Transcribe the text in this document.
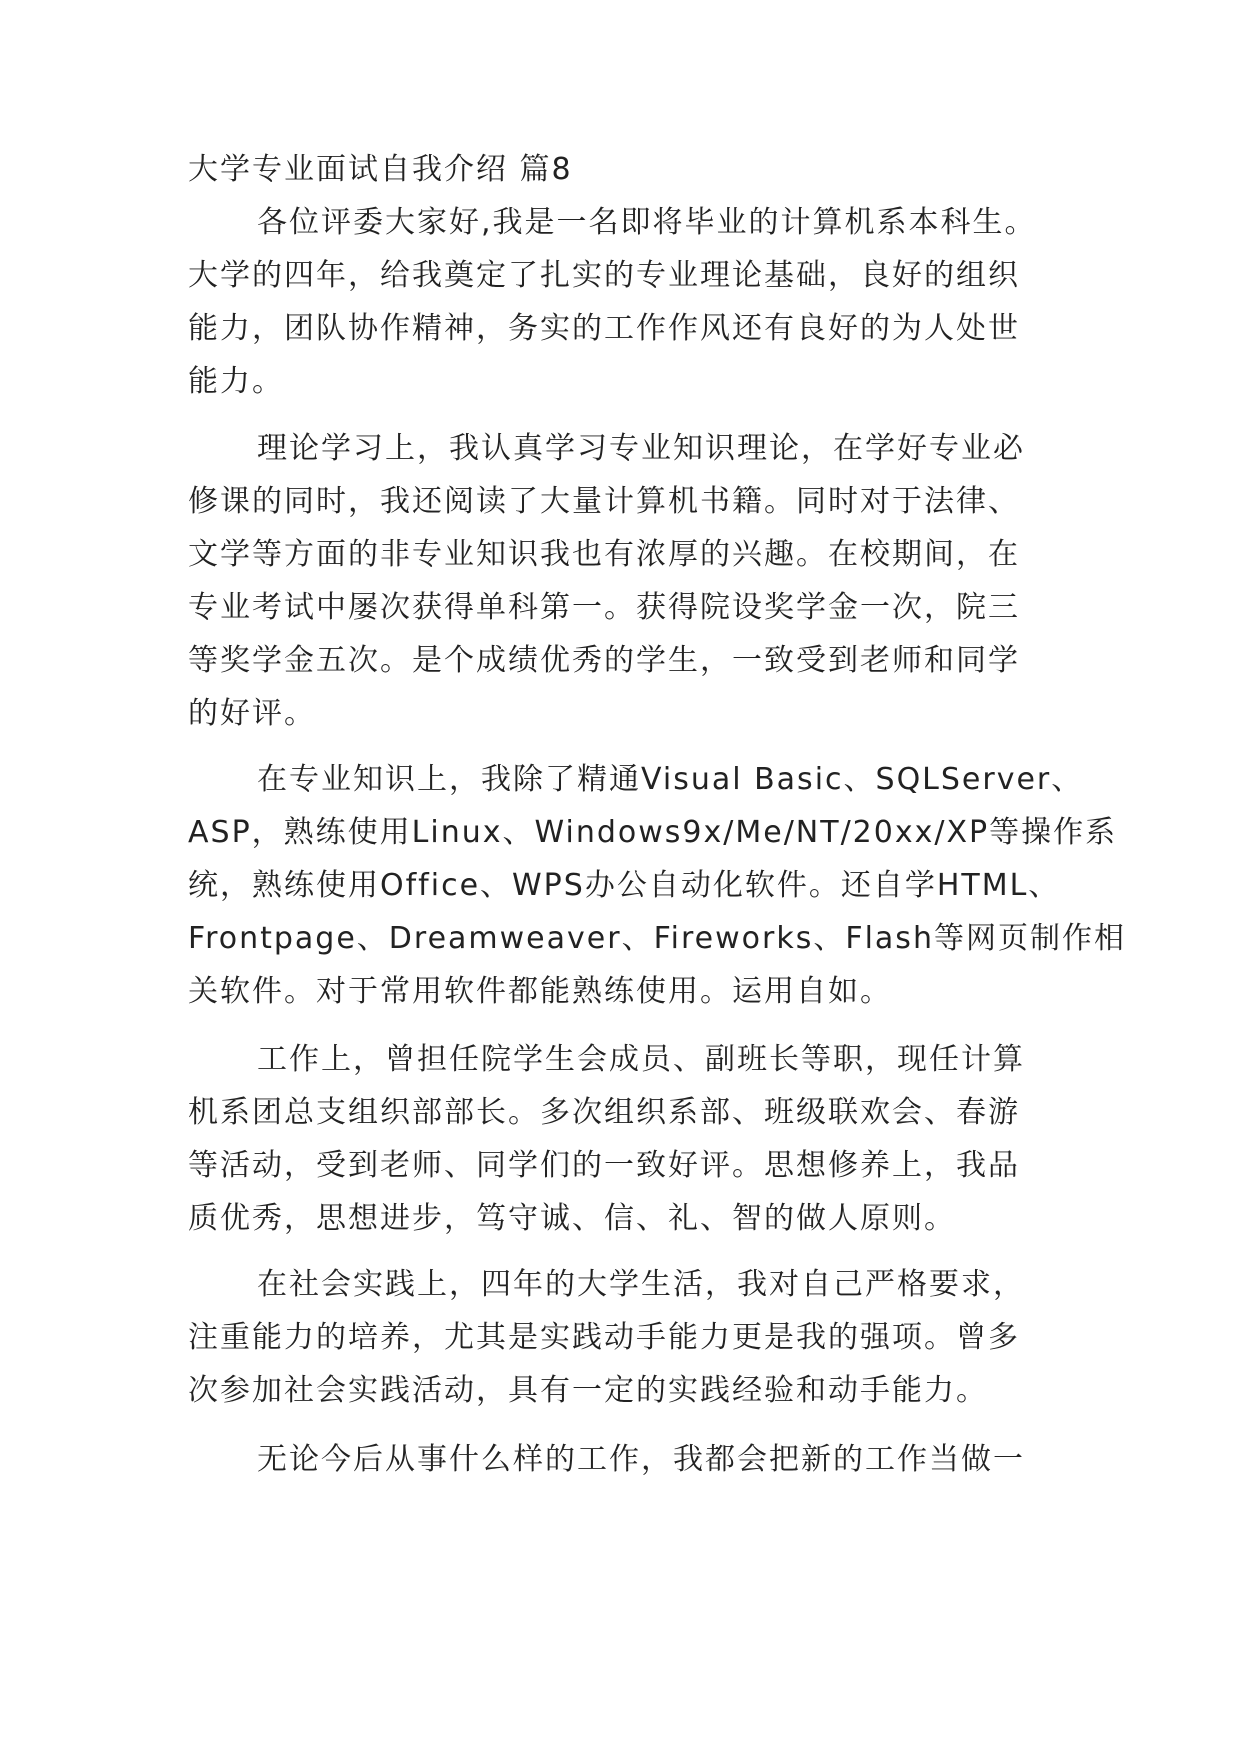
大学专业面试自我介绍 篇8
各位评委大家好,我是一名即将毕业的计算机系本科生。
大学的四年，给我奠定了扎实的专业理论基础，良好的组织
能力，团队协作精神，务实的工作作风还有良好的为人处世
能力。
理论学习上，我认真学习专业知识理论，在学好专业必
修课的同时，我还阅读了大量计算机书籍。同时对于法律、
文学等方面的非专业知识我也有浓厚的兴趣。在校期间，在
专业考试中屡次获得单科第一。获得院设奖学金一次，院三
等奖学金五次。是个成绩优秀的学生，一致受到老师和同学
的好评。
在专业知识上，我除了精通Visual Basic、SQLServer、
ASP，熟练使用Linux、Windows9x/Me/NT/20xx/XP等操作系
统，熟练使用Office、WPS办公自动化软件。还自学HTML、
Frontpage、Dreamweaver、Fireworks、Flash等网页制作相
关软件。对于常用软件都能熟练使用。运用自如。
工作上，曾担任院学生会成员、副班长等职，现任计算
机系团总支组织部部长。多次组织系部、班级联欢会、春游
等活动，受到老师、同学们的一致好评。思想修养上，我品
质优秀，思想进步，笃守诚、信、礼、智的做人原则。
在社会实践上，四年的大学生活，我对自己严格要求，
注重能力的培养，尤其是实践动手能力更是我的强项。曾多
次参加社会实践活动，具有一定的实践经验和动手能力。
无论今后从事什么样的工作，我都会把新的工作当做一
